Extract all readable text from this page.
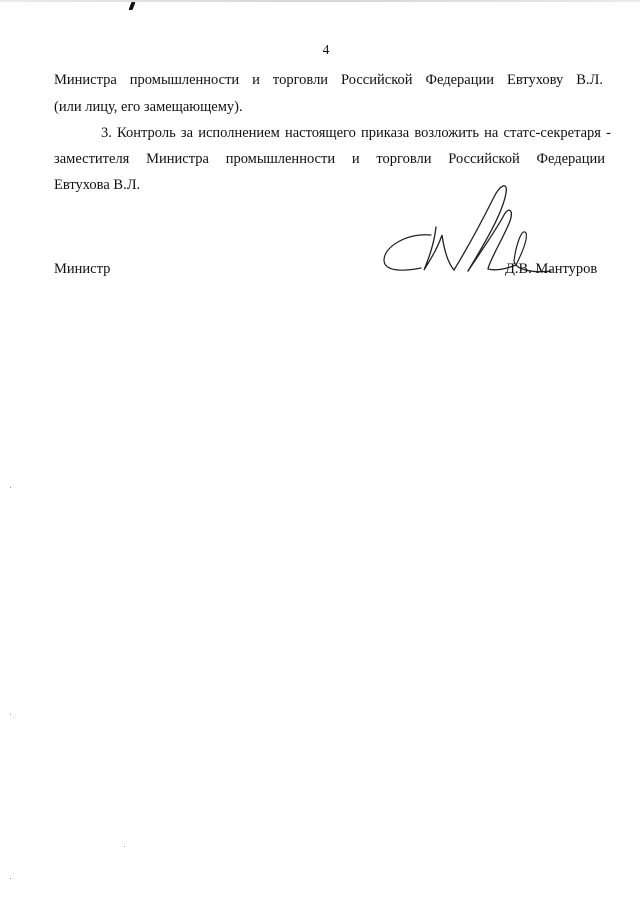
4
Министра промышленности и торговли Российской Федерации Евтухову В.Л.
(или лицу, его замещающему).
3. Контроль за исполнением настоящего приказа возложить на статс-секретаря -
заместителя Министра промышленности и торговли Российской Федерации
Евтухова В.Л.
Министр	Д.В. Мантуров
